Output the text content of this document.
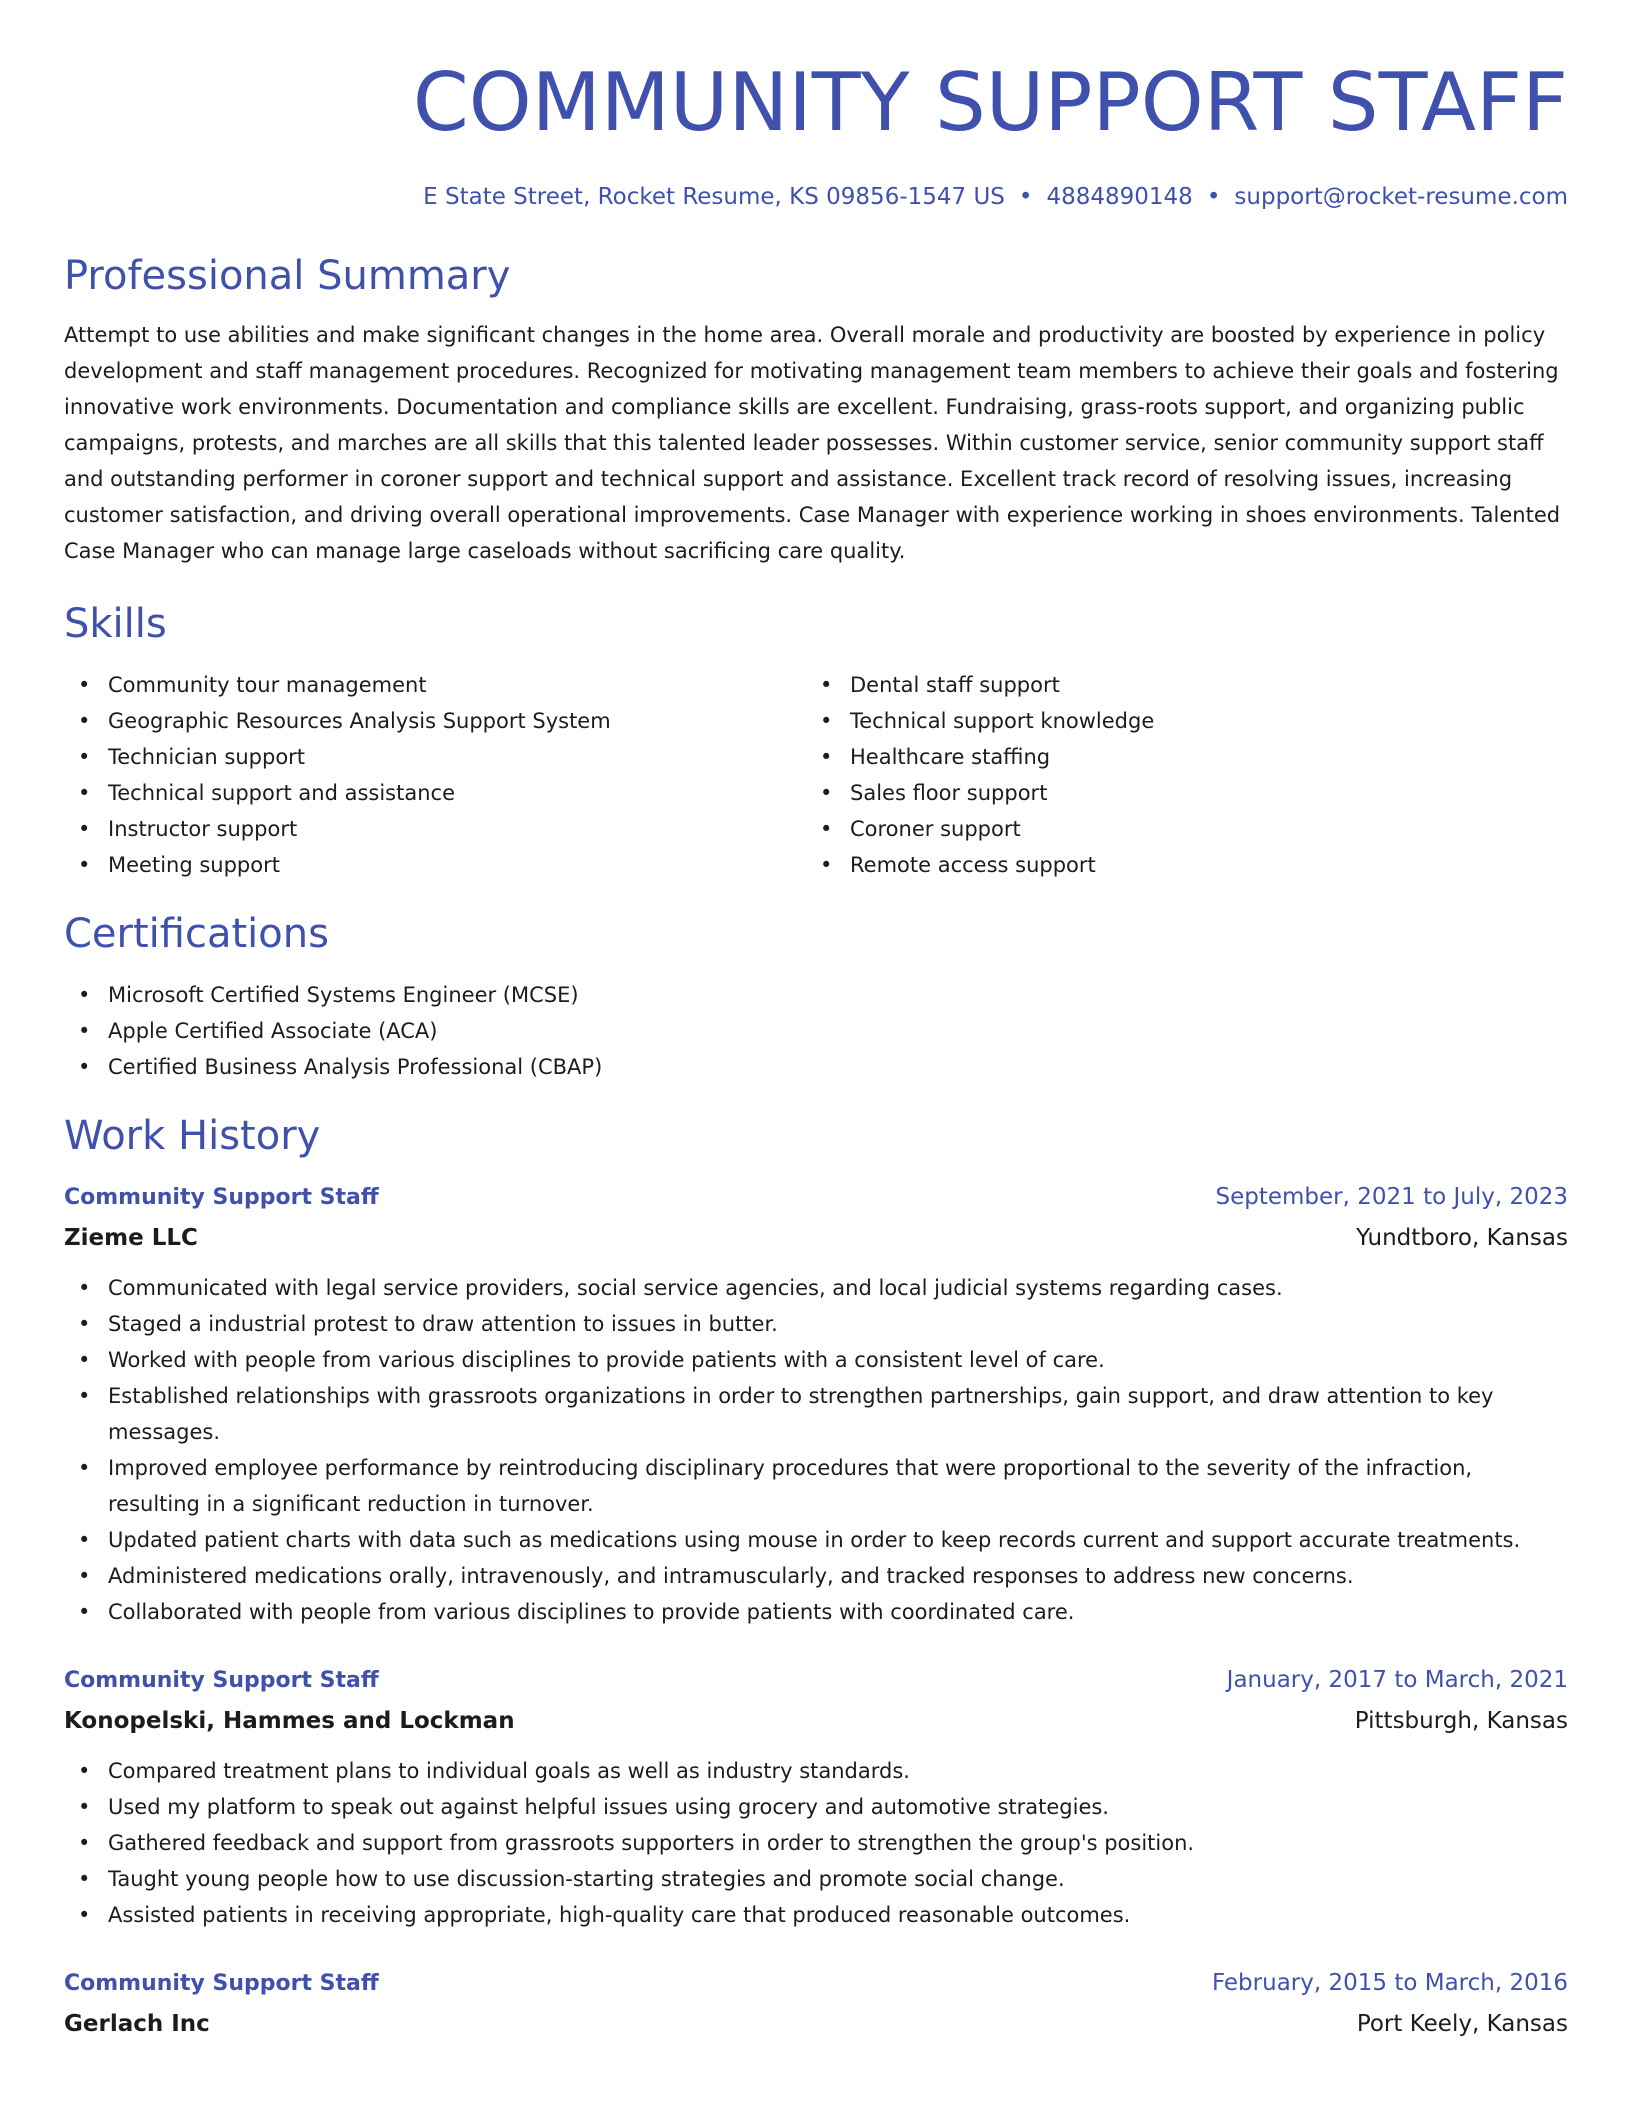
COMMUNITY SUPPORT STAFF
E State Street, Rocket Resume, KS 09856-1547 US • 4884890148 • support@rocket-resume.com
Professional Summary

Attempt to use abilities and make significant changes in the home area. Overall morale and productivity are boosted by experience in policy development and staff management procedures. Recognized for motivating management team members to achieve their goals and fostering innovative work environments. Documentation and compliance skills are excellent. Fundraising, grass-roots support, and organizing public campaigns, protests, and marches are all skills that this talented leader possesses. Within customer service, senior community support staff and outstanding performer in coroner support and technical support and assistance. Excellent track record of resolving issues, increasing customer satisfaction, and driving overall operational improvements. Case Manager with experience working in shoes environments. Talented Case Manager who can manage large caseloads without sacrificing care quality.

Skills
• Community tour management
• Geographic Resources Analysis Support System
• Technician support
• Technical support and assistance
• Instructor support
• Meeting support
• Dental staff support
• Technical support knowledge
• Healthcare staffing
• Sales floor support
• Coroner support
• Remote access support
Certifications
• Microsoft Certified Systems Engineer (MCSE)
• Apple Certified Associate (ACA)
• Certified Business Analysis Professional (CBAP)
Work History
Community Support Staff	September, 2021 to July, 2023
Zieme LLC	Yundtboro, Kansas
• Communicated with legal service providers, social service agencies, and local judicial systems regarding cases.
• Staged a industrial protest to draw attention to issues in butter.
• Worked with people from various disciplines to provide patients with a consistent level of care.
• Established relationships with grassroots organizations in order to strengthen partnerships, gain support, and draw attention to key messages.
• Improved employee performance by reintroducing disciplinary procedures that were proportional to the severity of the infraction, resulting in a significant reduction in turnover.
• Updated patient charts with data such as medications using mouse in order to keep records current and support accurate treatments.
• Administered medications orally, intravenously, and intramuscularly, and tracked responses to address new concerns.
• Collaborated with people from various disciplines to provide patients with coordinated care.
Community Support Staff	January, 2017 to March, 2021
Konopelski, Hammes and Lockman	Pittsburgh, Kansas
• Compared treatment plans to individual goals as well as industry standards.
• Used my platform to speak out against helpful issues using grocery and automotive strategies.
• Gathered feedback and support from grassroots supporters in order to strengthen the group's position.
• Taught young people how to use discussion-starting strategies and promote social change.
• Assisted patients in receiving appropriate, high-quality care that produced reasonable outcomes.
Community Support Staff	February, 2015 to March, 2016
Gerlach Inc	Port Keely, Kansas
